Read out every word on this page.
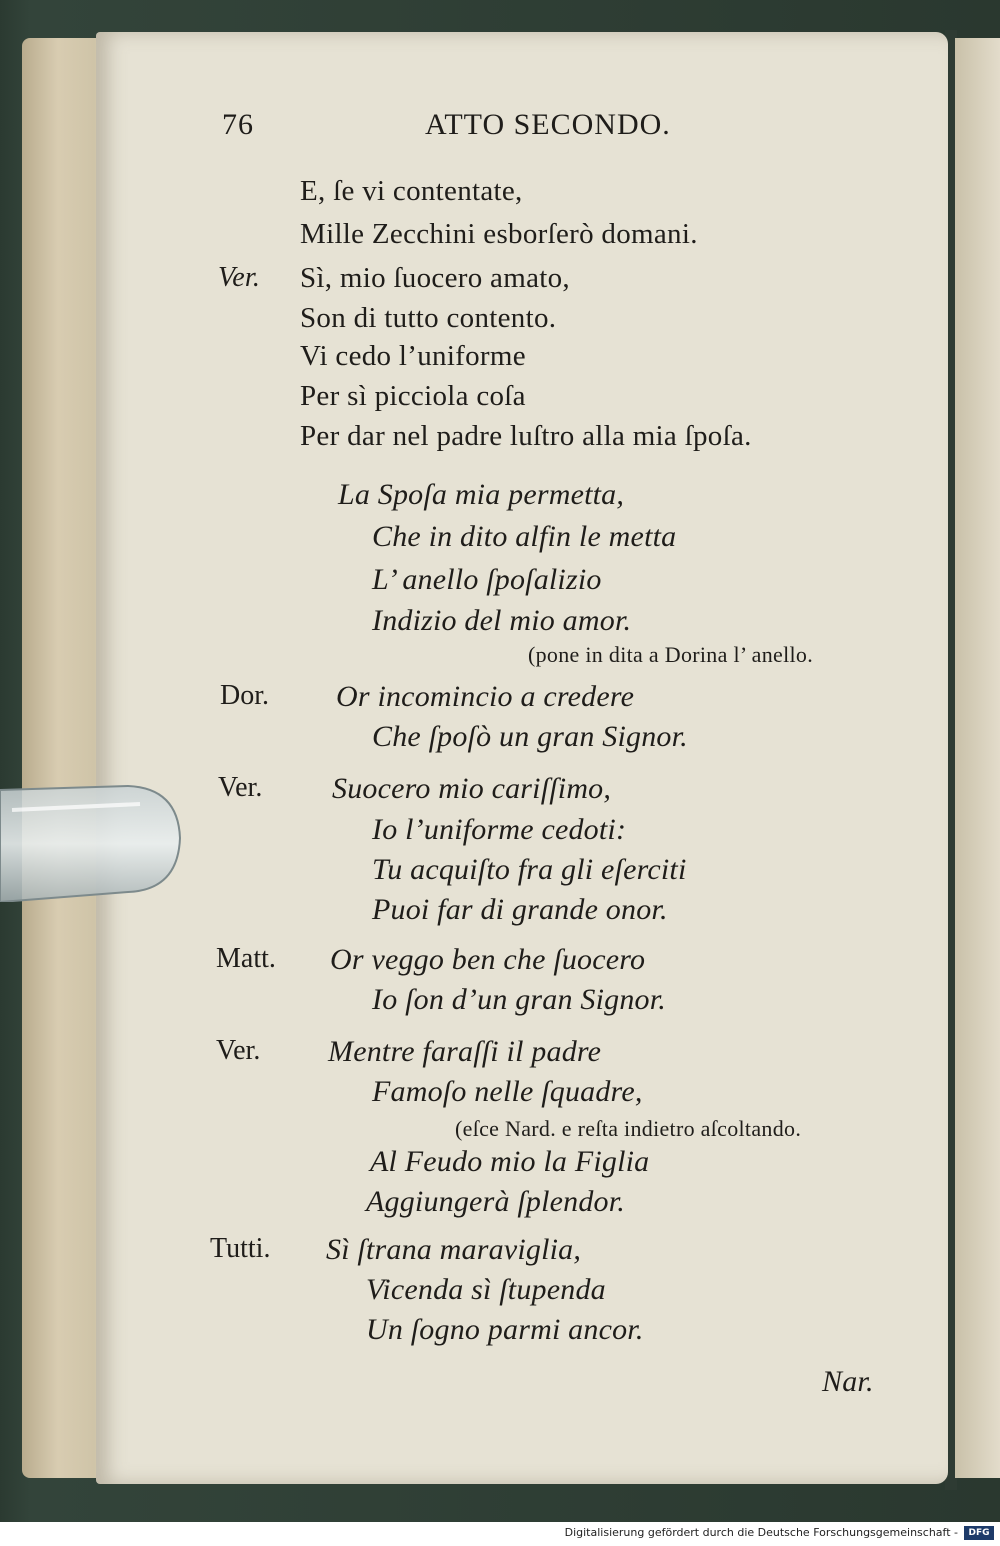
76	ATTO SECONDO.
E, ſe vi contentate,
Mille Zecchini esborſerò domani.
Ver. Sì, mio ſuocero amato,
Son di tutto contento.
Vi cedo l’uniforme
Per sì picciola coſa
Per dar nel padre luſtro alla mia ſpoſa.
La Spoſa mia permetta,
Che in dito alfin le metta
L’ anello ſpoſalizio
Indizio del mio amor.
(pone in dita a Dorina l’ anello.
Dor. Or incomincio a credere
Che ſpoſò un gran Signor.
Ver. Suocero mio cariſſimo,
Io l’uniforme cedoti:
Tu acquiſto fra gli eſerciti
Puoi far di grande onor.
Matt. Or veggo ben che ſuocero
Io ſon d’un gran Signor.
Ver. Mentre faraſſi il padre
Famoſo nelle ſquadre,
(eſce Nard. e reſta indietro aſcoltando.
Al Feudo mio la Figlia
Aggiungerà ſplendor.
Tutti. Sì ſtrana maraviglia,
Vicenda sì ſtupenda
Un ſogno parmi ancor.
Nar.
Digitalisierung gefördert durch die Deutsche Forschungsgemeinschaft -	DFG
